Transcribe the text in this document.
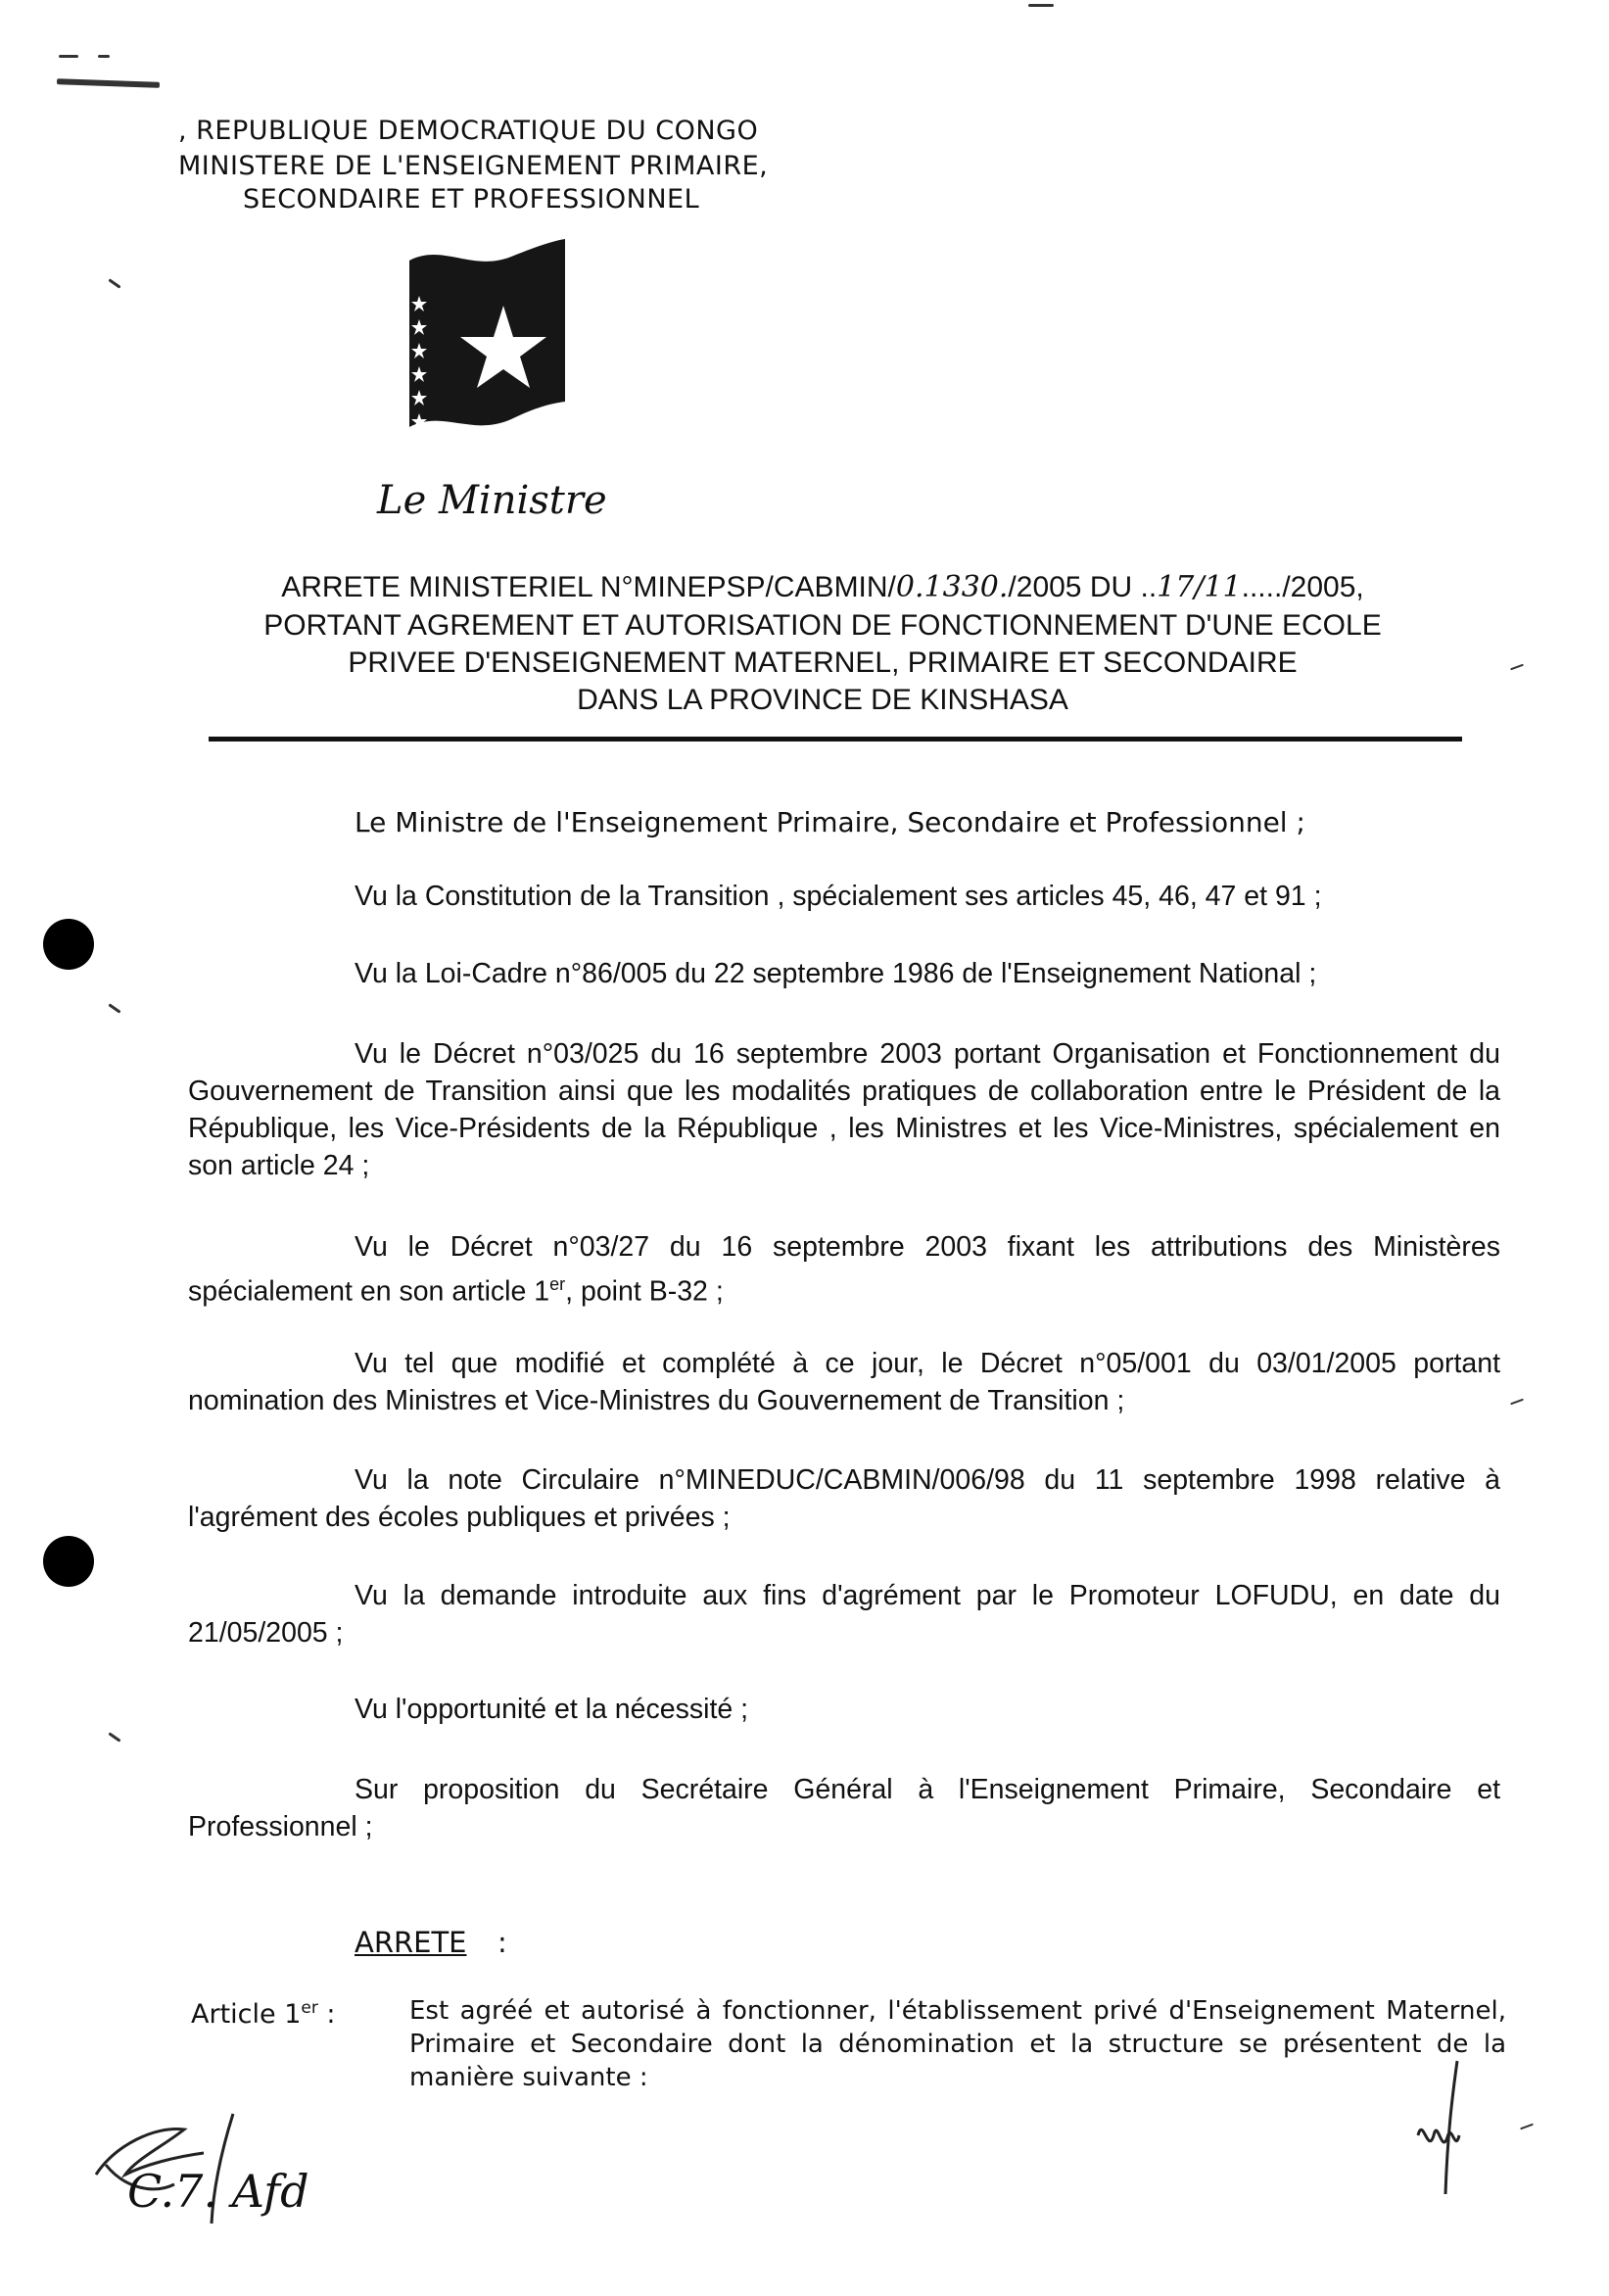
, REPUBLIQUE DEMOCRATIQUE DU CONGO
MINISTERE DE L'ENSEIGNEMENT PRIMAIRE,
SECONDAIRE ET PROFESSIONNEL
Le Ministre
ARRETE MINISTERIEL N°MINEPSP/CABMIN/0.1330./2005 DU ..17/11...../2005,
PORTANT AGREMENT ET AUTORISATION DE FONCTIONNEMENT D'UNE ECOLE
PRIVEE D'ENSEIGNEMENT MATERNEL, PRIMAIRE ET SECONDAIRE
DANS LA PROVINCE DE KINSHASA
Le Ministre de l'Enseignement Primaire, Secondaire et Professionnel ;
Vu la Constitution de la Transition , spécialement ses articles 45, 46, 47 et 91 ;
Vu la Loi-Cadre n°86/005 du 22 septembre 1986 de l'Enseignement National ;
Vu le Décret n°03/025 du 16 septembre 2003 portant Organisation et Fonctionnement du Gouvernement de Transition ainsi que les modalités pratiques de collaboration entre le Président de la République, les Vice-Présidents de la République , les Ministres et les Vice-Ministres, spécialement en son article 24 ;
Vu le Décret n°03/27 du 16 septembre 2003 fixant les attributions des Ministères spécialement en son article 1er, point B-32 ;
Vu tel que modifié et complété à ce jour, le Décret n°05/001 du 03/01/2005 portant nomination des Ministres et Vice-Ministres du Gouvernement de Transition ;
Vu la note Circulaire n°MINEDUC/CABMIN/006/98 du 11 septembre 1998 relative à l'agrément des écoles publiques et privées ;
Vu la demande introduite aux fins d'agrément par le Promoteur LOFUDU, en date du 21/05/2005 ;
Vu l'opportunité et la nécessité ;
Sur proposition du Secrétaire Général à l'Enseignement Primaire, Secondaire et Professionnel ;
ARRETE :
Article 1er :	Est agréé et autorisé à fonctionner, l'établissement privé d'Enseignement Maternel, Primaire et Secondaire dont la dénomination et la structure se présentent de la manière suivante :
C.7. Afd
